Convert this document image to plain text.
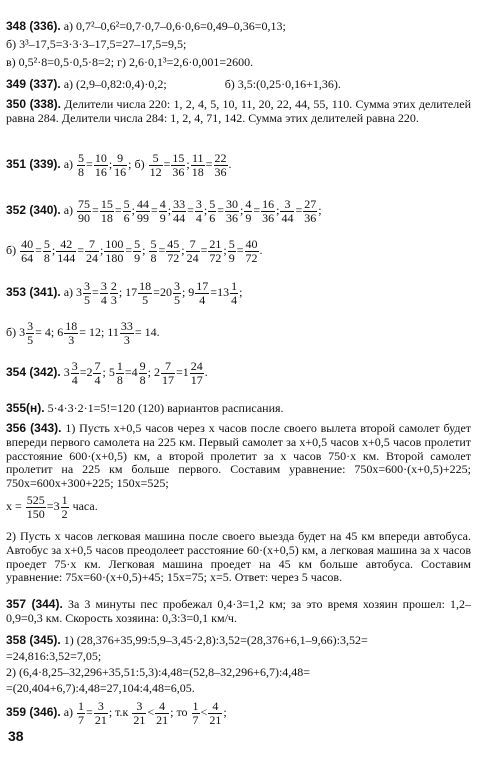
348 (336). а) 0,7²–0,6²=0,7·0,7–0,6·0,6=0,49–0,36=0,13;
б) 3³–17,5=3·3·3–17,5=27–17,5=9,5;
в) 0,5²·8=0,5·0,5·8=2; г) 2,6·0,1³=2,6·0,001=2600.
349 (337). а) (2,9–0,82:0,4)·0,2;	б) 3,5:(0,25·0,16+1,36).
350 (338). Делители числа 220: 1, 2, 4, 5, 10, 11, 20, 22, 44, 55, 110. Сумма этих делителей равна 284. Делители числа 284: 1, 2, 4, 71, 142. Сумма этих делителей равна 220.
351 (339). $а) \frac{5}{8} = \frac{10}{16}$ ; $\frac{9}{16}$ ; $б) \frac{5}{12} = \frac{15}{36}$ ; $\frac{11}{18} = \frac{22}{36}$ .
352 (340). $а) \frac{75}{90} = \frac{15}{18} = \frac{5}{6}$ ; $\frac{44}{99} = \frac{4}{9}$ ; $\frac{33}{44} = \frac{3}{4}$ ; $\frac{5}{6} = \frac{30}{36}$ ; $\frac{4}{9} = \frac{16}{36}$ ; $\frac{3}{44} = \frac{27}{36}$ ;
$б) \frac{40}{64} = \frac{5}{8}$ ; $\frac{42}{144} = \frac{7}{24}$ ; $\frac{100}{180} = \frac{5}{9}$ ; $\frac{5}{8} = \frac{45}{72}$ ; $\frac{7}{24} = \frac{21}{72}$ ; $\frac{5}{9} = \frac{40}{72}$ .
353 (341). а) $3 \frac{3}{5} = \frac{3}{4} \frac{2}{3}$ ; $17 \frac{18}{5} =20 \frac{3}{5}$ ; $9 \frac{17}{4} =13 \frac{1}{4}$ ;
б) $3 \frac{3}{5} = 4$; $6 \frac{18}{3} = 12$; $11 \frac{33}{3} = 14$.
354 (342). $3 \frac{3}{4} =2 \frac{7}{4}$ ; $5 \frac{1}{8} =4 \frac{9}{8}$ ; $2 \frac{7}{17} =1 \frac{24}{17}$ .
355(н). 5·4·3·2·1=5!=120 (120) вариантов расписания.
356 (343). 1) Пусть x+0,5 часов через x часов после своего вылета второй самолет будет впереди первого самолета на 225 км. Первый самолет за x+0,5 часов x+0,5 часов пролетит расстояние 600·(x+0,5) км, а второй пролетит за x часов 750·x км. Второй самолет пролетит на 225 км больше первого. Составим уравнение: 750x=600·(x+0,5)+225; 750x=600x+300+225; 150x=525;
$x = \frac{525}{150} =3 \frac{1}{2}$ часа.
2) Пусть x часов легковая машина после своего выезда будет на 45 км впереди автобуса. Автобус за x+0,5 часов преодолеет расстояние 60·(x+0,5) км, а легковая машина за x часов проедет 75·x км. Легковая машина проедет на 45 км больше автобуса. Составим уравнение: 75x=60·(x+0,5)+45; 15x=75; x=5. Ответ: через 5 часов.
357 (344). За 3 минуты пес пробежал 0,4·3=1,2 км; за это время хозяин прошел: 1,2–0,9=0,3 км. Скорость хозяина: 0,3:3=0,1 км/ч.
358 (345). 1) (28,376+35,99:5,9–3,45·2,8):3,52=(28,376+6,1–9,66):3,52=
=24,816:3,52=7,05;
2) (6,4·8,25–32,296+35,51:5,3):4,48=(52,8–32,296+6,7):4,48=
=(20,404+6,7):4,48=27,104:4,48=6,05.
359 (346). $а) \frac{1}{7} = \frac{3}{21}$ ; $т.к \frac{3}{21} < \frac{4}{21}$ ; то $\frac{1}{7} < \frac{4}{21}$ ;
38
